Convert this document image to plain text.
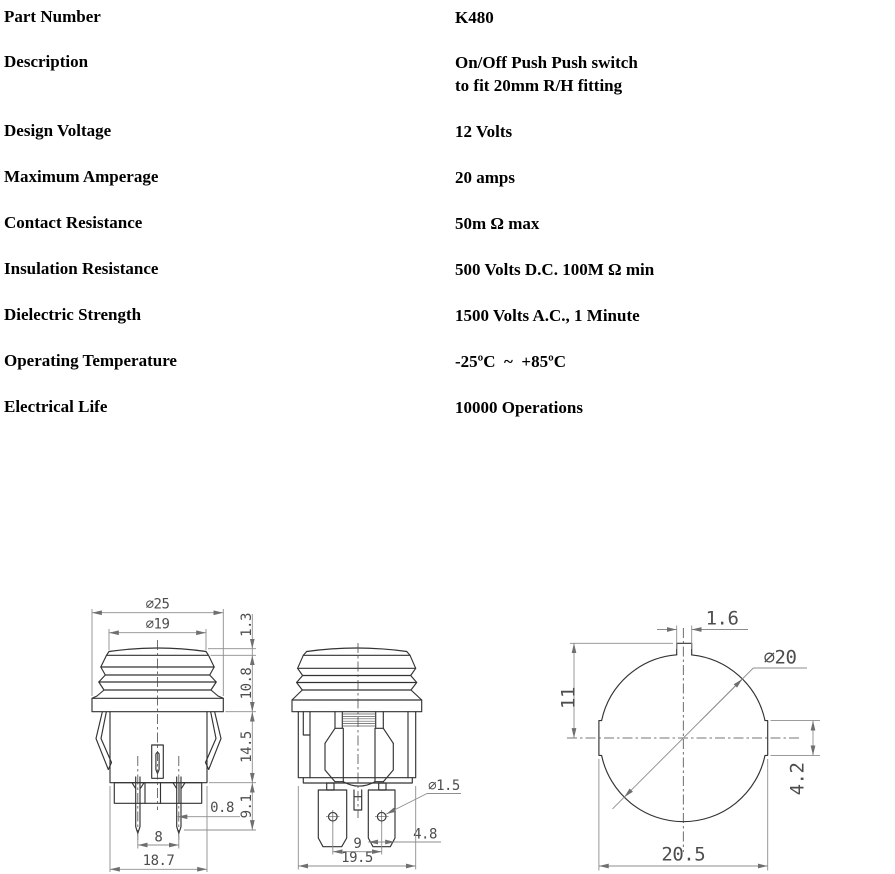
Part Number	K480
Description	On/Off Push Push switch
to fit 20mm R/H fitting
Design Voltage	12 Volts
Maximum Amperage	20 amps
Contact Resistance	50m Ω max
Insulation Resistance	500 Volts D.C. 100M Ω min
Dielectric Strength	1500 Volts A.C., 1 Minute
Operating Temperature	-25ºC  ~  +85ºC
Electrical Life	10000 Operations
∅25
∅19	1.3
10.8
14.5
9.1
0.8
8
18.7
∅1.5
4.8
9
19.5
∅20
1.6
11
4.2
20.5
